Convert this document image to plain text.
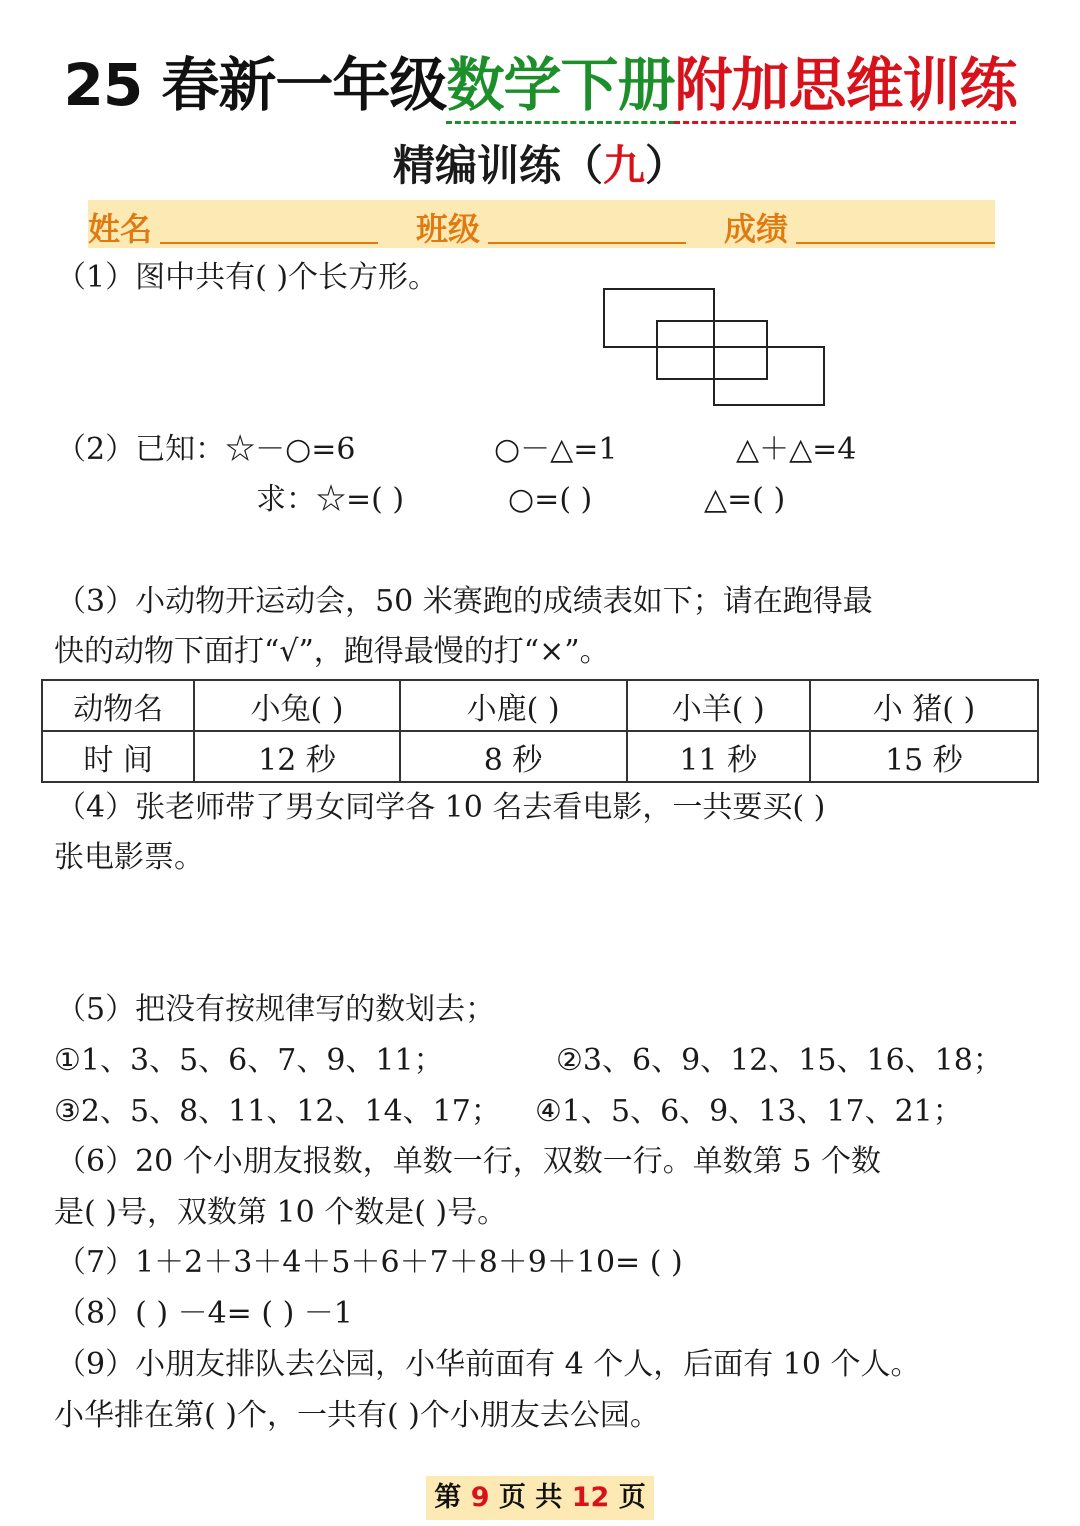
25 春新一年级数学下册附加思维训练
精编训练（九）
姓名	班级	成绩
（1）图中共有( )个长方形。
（2）已知：☆－○=6	○－△=1	△＋△=4
求：☆=( )	○=( )	△=( )
（3）小动物开运动会，50 米赛跑的成绩表如下；请在跑得最
快的动物下面打“√”，跑得最慢的打“×”。
动物名	小兔( )	小鹿( )	小羊( )	小 猪( )
时 间	12 秒	8 秒	11 秒	15 秒
（4）张老师带了男女同学各 10 名去看电影，一共要买( )
张电影票。
（5）把没有按规律写的数划去；
①1、3、5、6、7、9、11；	②3、6、9、12、15、16、18；
③2、5、8、11、12、14、17； ④1、5、6、9、13、17、21；
（6）20 个小朋友报数，单数一行，双数一行。单数第 5 个数
是( )号，双数第 10 个数是( )号。
（7）1＋2＋3＋4＋5＋6＋7＋8＋9＋10= ( )
（8）( ) －4= ( ) －1
（9）小朋友排队去公园，小华前面有 4 个人，后面有 10 个人。
小华排在第( )个，一共有( )个小朋友去公园。
第 9 页 共 12 页
